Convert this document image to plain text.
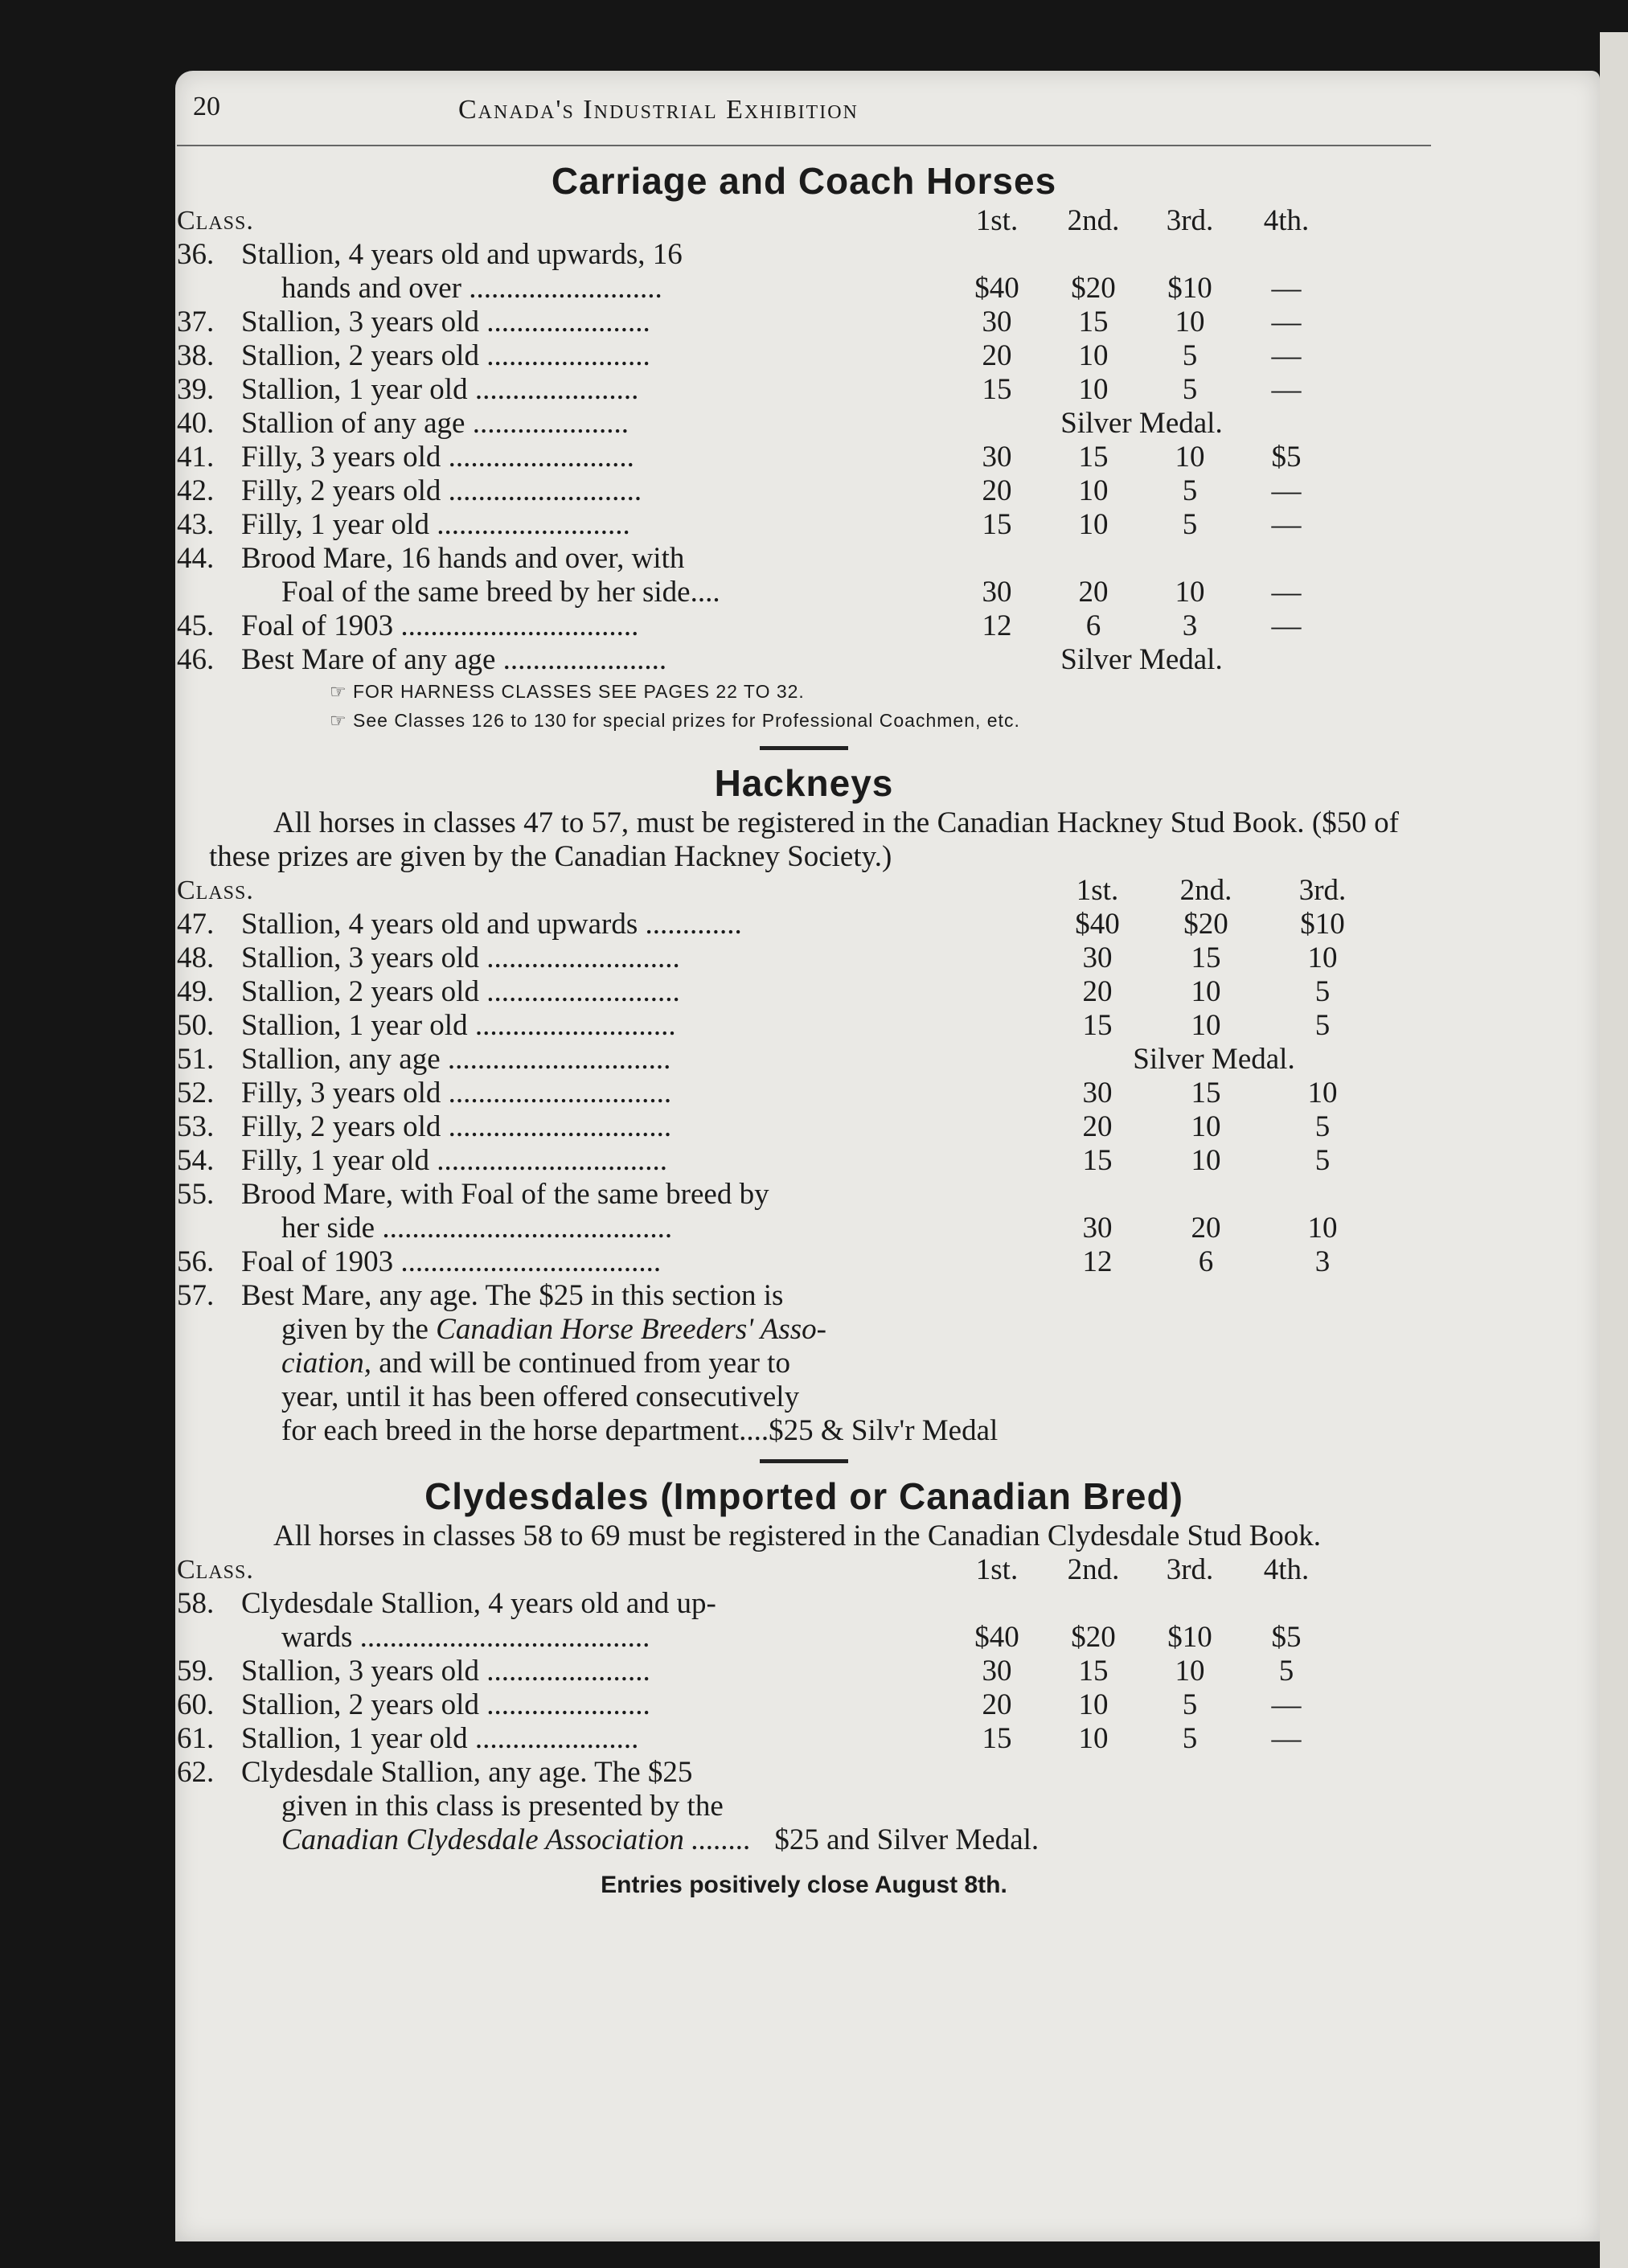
20	Canada's Industrial Exhibition
Carriage and Coach Horses
Class.	1st.	2nd.	3rd.	4th.
36. Stallion, 4 years old and upwards, 16
hands and over ..........................	$40	$20	$10	—
37. Stallion, 3 years old ......................	30	15	10	—
38. Stallion, 2 years old ......................	20	10	5	—
39. Stallion, 1 year old ......................	15	10	5	—
40. Stallion of any age .....................	Silver Medal.
41. Filly, 3 years old .........................	30	15	10	$5
42. Filly, 2 years old ..........................	20	10	5	—
43. Filly, 1 year old ..........................	15	10	5	—
44. Brood Mare, 16 hands and over, with
Foal of the same breed by her side....	30	20	10	—
45. Foal of 1903 ................................	12	6	3	—
46. Best Mare of any age ......................	Silver Medal.
☞ FOR HARNESS CLASSES SEE PAGES 22 TO 32.
☞ See Classes 126 to 130 for special prizes for Professional Coachmen, etc.
Hackneys
All horses in classes 47 to 57, must be registered in the Canadian Hackney Stud Book. ($50 of these prizes are given by the Canadian Hackney Society.)
Class.	1st.	2nd.	3rd.
47. Stallion, 4 years old and upwards .............	$40	$20	$10
48. Stallion, 3 years old ..........................	30	15	10
49. Stallion, 2 years old ..........................	20	10	5
50. Stallion, 1 year old ...........................	15	10	5
51. Stallion, any age ..............................	Silver Medal.
52. Filly, 3 years old ..............................	30	15	10
53. Filly, 2 years old ..............................	20	10	5
54. Filly, 1 year old ...............................	15	10	5
55. Brood Mare, with Foal of the same breed by
her side .......................................	30	20	10
56. Foal of 1903 ...................................	12	6	3
57. Best Mare, any age. The $25 in this section is
given by the Canadian Horse Breeders' Asso-
ciation, and will be continued from year to
year, until it has been offered consecutively
for each breed in the horse department....$25 & Silv'r Medal
Clydesdales (Imported or Canadian Bred)
All horses in classes 58 to 69 must be registered in the Canadian Clydesdale Stud Book.
Class.	1st.	2nd.	3rd.	4th.
58. Clydesdale Stallion, 4 years old and up-
wards .......................................	$40	$20	$10	$5
59. Stallion, 3 years old ......................	30	15	10	5
60. Stallion, 2 years old ......................	20	10	5	—
61. Stallion, 1 year old ......................	15	10	5	—
62. Clydesdale Stallion, any age. The $25
given in this class is presented by the
Canadian Clydesdale Association ........ $25 and Silver Medal.
Entries positively close August 8th.
